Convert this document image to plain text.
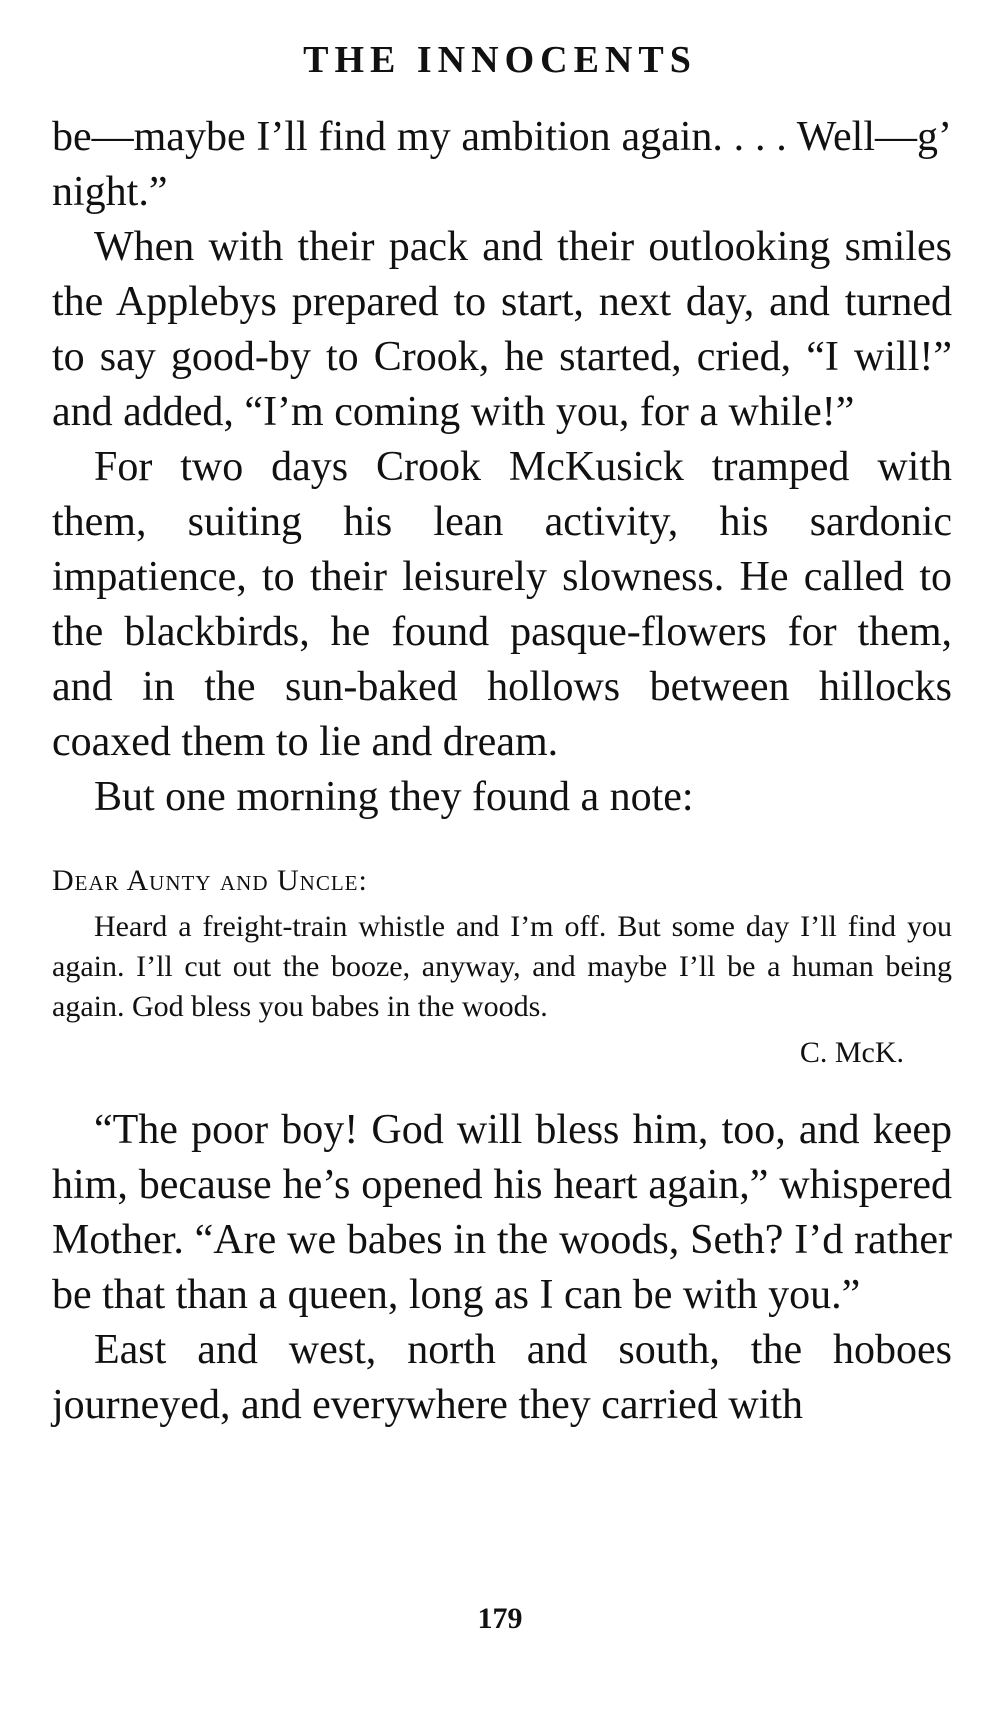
THE INNOCENTS

be—maybe I’ll find my ambition again. . . . Well—g’ night.”

When with their pack and their outlooking smiles the Applebys prepared to start, next day, and turned to say good-by to Crook, he started, cried, “I will!” and added, “I’m coming with you, for a while!”

For two days Crook McKusick tramped with them, suiting his lean activity, his sardonic impatience, to their leisurely slowness. He called to the blackbirds, he found pasque-flowers for them, and in the sun-baked hollows between hillocks coaxed them to lie and dream.

But one morning they found a note:

Dear Aunty and Uncle:

Heard a freight-train whistle and I’m off. But some day I’ll find you again. I’ll cut out the booze, anyway, and maybe I’ll be a human being again. God bless you babes in the woods.

C. McK.

“The poor boy! God will bless him, too, and keep him, because he’s opened his heart again,” whispered Mother. “Are we babes in the woods, Seth? I’d rather be that than a queen, long as I can be with you.”

East and west, north and south, the hoboes journeyed, and everywhere they carried with

179
